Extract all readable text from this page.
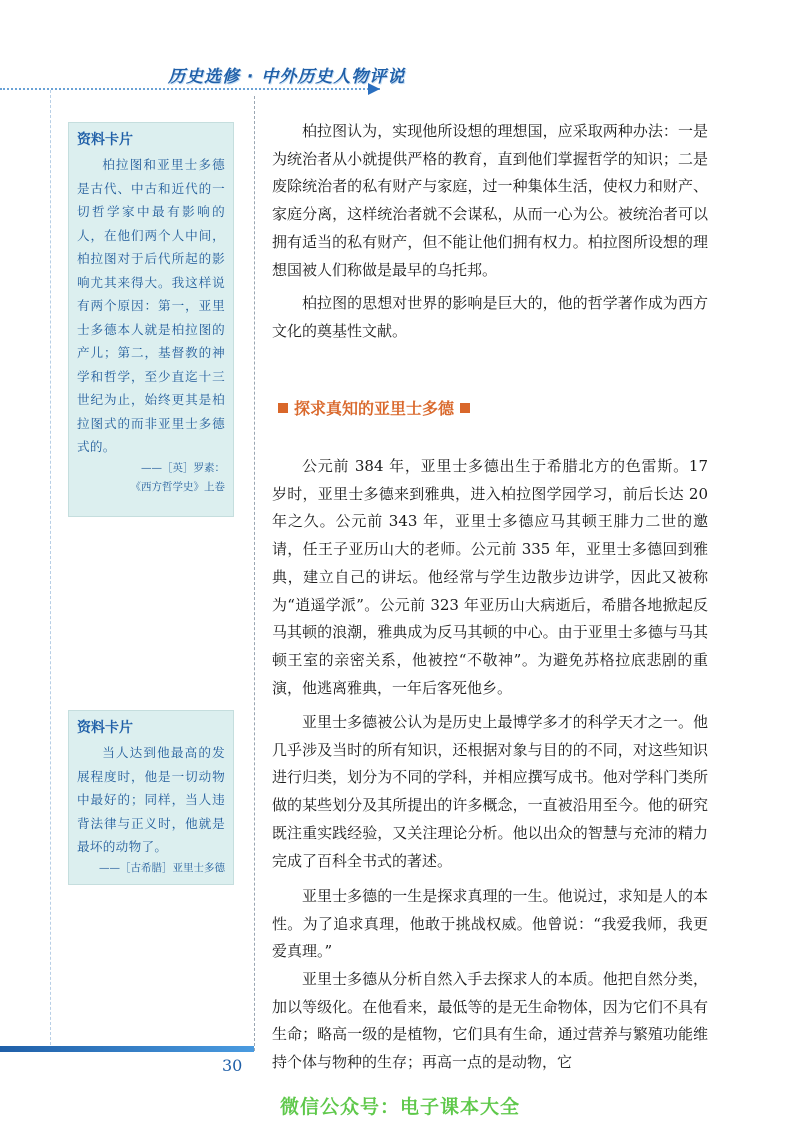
历史选修 · 中外历史人物评说
资料卡片
柏拉图和亚里士多德是古代、中古和近代的一切哲学家中最有影响的人，在他们两个人中间，柏拉图对于后代所起的影响尤其来得大。我这样说有两个原因：第一，亚里士多德本人就是柏拉图的产儿；第二，基督教的神学和哲学，至少直迄十三世纪为止，始终更其是柏拉图式的而非亚里士多德式的。
——［英］罗素：
《西方哲学史》上卷
资料卡片
当人达到他最高的发展程度时，他是一切动物中最好的；同样，当人违背法律与正义时，他就是最坏的动物了。
——［古希腊］亚里士多德

柏拉图认为，实现他所设想的理想国，应采取两种办法：一是为统治者从小就提供严格的教育，直到他们掌握哲学的知识；二是废除统治者的私有财产与家庭，过一种集体生活，使权力和财产、家庭分离，这样统治者就不会谋私，从而一心为公。被统治者可以拥有适当的私有财产，但不能让他们拥有权力。柏拉图所设想的理想国被人们称做是最早的乌托邦。

柏拉图的思想对世界的影响是巨大的，他的哲学著作成为西方文化的奠基性文献。

探求真知的亚里士多德

公元前 384 年，亚里士多德出生于希腊北方的色雷斯。17 岁时，亚里士多德来到雅典，进入柏拉图学园学习，前后长达 20 年之久。公元前 343 年，亚里士多德应马其顿王腓力二世的邀请，任王子亚历山大的老师。公元前 335 年，亚里士多德回到雅典，建立自己的讲坛。他经常与学生边散步边讲学，因此又被称为“逍遥学派”。公元前 323 年亚历山大病逝后，希腊各地掀起反马其顿的浪潮，雅典成为反马其顿的中心。由于亚里士多德与马其顿王室的亲密关系，他被控“不敬神”。为避免苏格拉底悲剧的重演，他逃离雅典，一年后客死他乡。

亚里士多德被公认为是历史上最博学多才的科学天才之一。他几乎涉及当时的所有知识，还根据对象与目的的不同，对这些知识进行归类，划分为不同的学科，并相应撰写成书。他对学科门类所做的某些划分及其所提出的许多概念，一直被沿用至今。他的研究既注重实践经验，又关注理论分析。他以出众的智慧与充沛的精力完成了百科全书式的著述。

亚里士多德的一生是探求真理的一生。他说过，求知是人的本性。为了追求真理，他敢于挑战权威。他曾说：“我爱我师，我更爱真理。”

亚里士多德从分析自然入手去探求人的本质。他把自然分类，加以等级化。在他看来，最低等的是无生命物体，因为它们不具有生命；略高一级的是植物，它们具有生命，通过营养与繁殖功能维持个体与物种的生存；再高一点的是动物，它

30
微信公众号：电子课本大全
